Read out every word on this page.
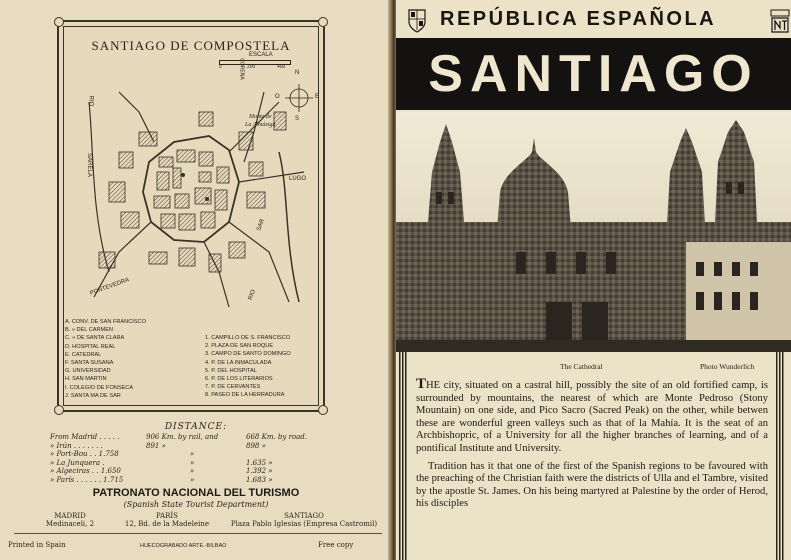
SANTIAGO DE COMPOSTELA
ESCALA
0	200	400
N
S
E
O
Monte de
La Almáziga
LUGO
SAR
SARELA
RIO
RIO
PONTEVEDRA
CORENA
A. CONV. DE SAN FRANCISCO
B. » DEL CARMEN
C. » DE SANTA CLARA
D. HOSPITAL REAL
E. CATEDRAL
F. SANTA SUSANA
G. UNIVERSIDAD
H. SAN MARTIN
I. COLEGIO DE FONSECA
J. SANTA MA DE SAR
1. CAMPILLO DE S. FRANCISCO
2. PLAZA DE SAN ROQUE
3. CAMPO DE SANTO DOMINGO
4. P. DE LA INMACULADA
5. P. DEL HOSPITAL
6. P. DE LOS LITERARIOS
7. P. DE CERVANTES
8. PASEO DE LA HERRADURA
DISTANCE:
From Madrid . . . . .	906 Km. by rail, and	668 Km. by road.
» Irún . . . . . . .	891 »	898 »
» Port-Bou . . 1.758	»
» La Junquera .	»	1.635 »
» Algeciras . . 1.650	»	1.392 »
» París . . . . . . 1.715	»	1.683 »
PATRONATO NACIONAL DEL TURISMO
(Spanish State Tourist Department)
MADRID
Medinaceli, 2
PARÍS
12, Bd. de la Madeleine
SANTIAGO
Plaza Pablo Iglesias (Empresa Castromil)
Printed in Spain	HUECOGRABADO ARTE.-BILBAO	Free copy
REPÚBLICA ESPAÑOLA
SANTIAGO
The Cathedral	Photo Wunderlich

THE city, situated on a castral hill, possibly the site of an old fortified camp, is surrounded by mountains, the nearest of which are Monte Pedroso (Stony Mountain) on one side, and Pico Sacro (Sacred Peak) on the other, while betwen these are wonderful green valleys such as that of la Mahía. It is the seat of an Archbishopric, of a University for all the higher branches of learning, and of a pontifical Institute and University.

Tradition has it that one of the first of the Spanish regions to be favoured with the preaching of the Christian faith were the districts of Ulla and el Tambre, visited by the apostle St. James. On his being martyred at Palestine by the order of Herod, his disciples
